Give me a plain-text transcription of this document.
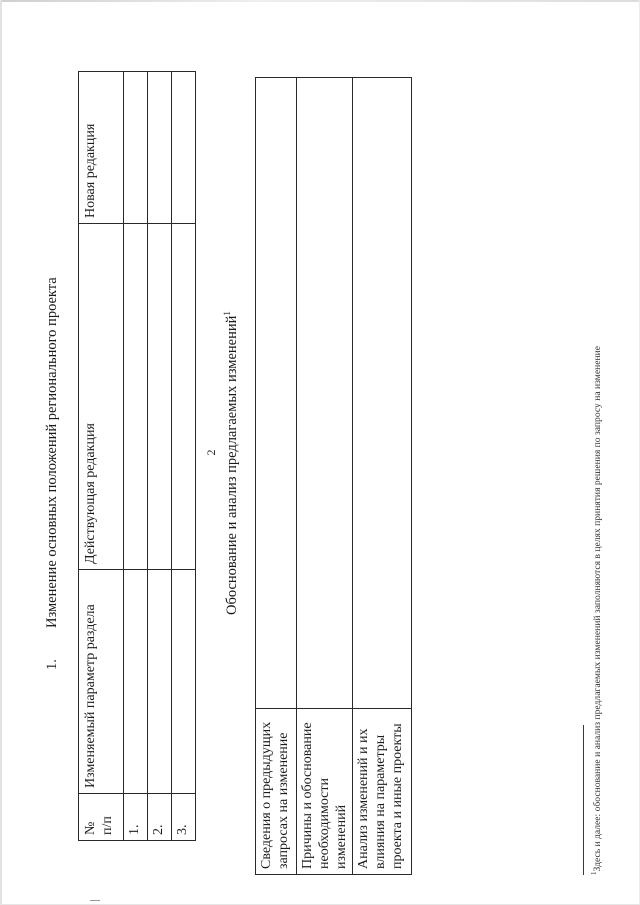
2
1.Изменение основных положений регионального проекта
№ п/п	Изменяемый параметр раздела	Действующая редакция	Новая редакция
1.			
2.			
3.			
Обоснование и анализ предлагаемых изменений$^1$
Сведения о предыдущих запросах на изменение	
Причины и обоснование необходимости изменений	
Анализ изменений и их влияния на параметры проекта и иные проекты	
$^1$Здесь и далее: обоснование и анализ предлагаемых изменений заполняются в целях принятия решения по запросу на изменение
